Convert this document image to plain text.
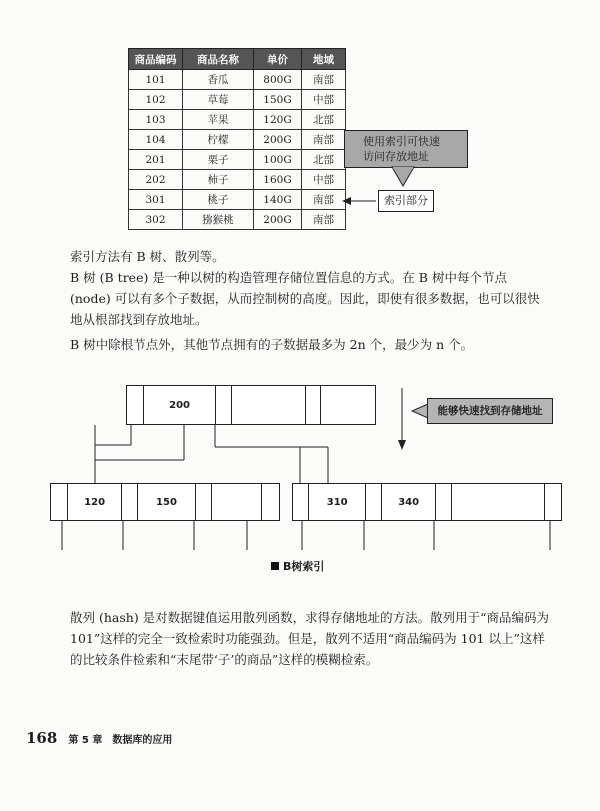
商品编码	商品名称	单价	地域
101	香瓜	800G	南部
102	草莓	150G	中部
103	苹果	120G	北部
104	柠檬	200G	南部
201	栗子	100G	北部
202	柿子	160G	中部
301	桃子	140G	南部
302	猕猴桃	200G	南部
使用索引可快速
访问存放地址
索引部分
索引方法有 B 树、散列等。
B 树 (B tree) 是一种以树的构造管理存储位置信息的方式。在 B 树中每个节点 (node) 可以有多个子数据，从而控制树的高度。因此，即使有很多数据，也可以很快地从根部找到存放地址。
B 树中除根节点外，其他节点拥有的子数据最多为 2n 个，最少为 n 个。
200	能够快速找到存储地址
120	150	310	340
B树索引
散列 (hash) 是对数据键值运用散列函数，求得存储地址的方法。散列用于“商品编码为 101”这样的完全一致检索时功能强劲。但是，散列不适用“商品编码为 101 以上”这样的比较条件检索和“末尾带‘子’的商品”这样的模糊检索。
168 第 5 章　数据库的应用
